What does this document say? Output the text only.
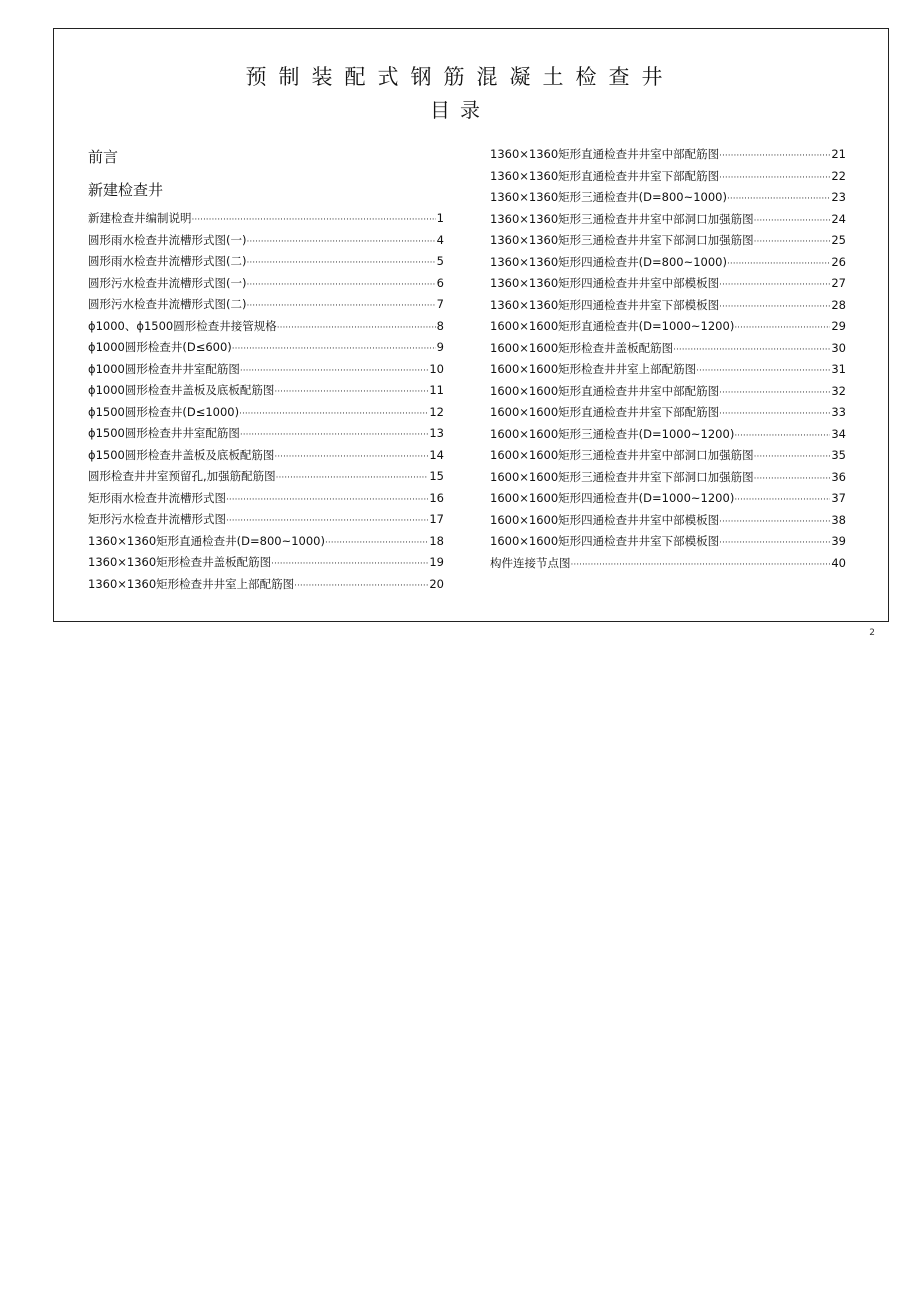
预制装配式钢筋混凝土检查井
目录
前言
新建检查井
新建检查井编制说明 ·····	1
圆形雨水检查井流槽形式图(一) ·····	4
圆形雨水检查井流槽形式图(二) ·····	5
圆形污水检查井流槽形式图(一) ·····	6
圆形污水检查井流槽形式图(二) ·····	7
ϕ1000、ϕ1500圆形检查井接管规格 ·····	8
ϕ1000圆形检查井(D≤600) ·····	9
ϕ1000圆形检查井井室配筋图 ·····	10
ϕ1000圆形检查井盖板及底板配筋图 ·····	11
ϕ1500圆形检查井(D≤1000) ·····	12
ϕ1500圆形检查井井室配筋图 ·····	13
ϕ1500圆形检查井盖板及底板配筋图 ·····	14
圆形检查井井室预留孔,加强筋配筋图 ·····	15
矩形雨水检查井流槽形式图 ·····	16
矩形污水检查井流槽形式图 ·····	17
1360×1360矩形直通检查井(D=800~1000) ·····	18
1360×1360矩形检查井盖板配筋图 ·····	19
1360×1360矩形检查井井室上部配筋图 ·····	20
1360×1360矩形直通检查井井室中部配筋图 ·····	21
1360×1360矩形直通检查井井室下部配筋图 ·····	22
1360×1360矩形三通检查井(D=800~1000) ·····	23
1360×1360矩形三通检查井井室中部洞口加强筋图 ·····	24
1360×1360矩形三通检查井井室下部洞口加强筋图 ·····	25
1360×1360矩形四通检查井(D=800~1000) ·····	26
1360×1360矩形四通检查井井室中部模板图 ·····	27
1360×1360矩形四通检查井井室下部模板图 ·····	28
1600×1600矩形直通检查井(D=1000~1200) ·····	29
1600×1600矩形检查井盖板配筋图 ·····	30
1600×1600矩形检查井井室上部配筋图 ·····	31
1600×1600矩形直通检查井井室中部配筋图 ·····	32
1600×1600矩形直通检查井井室下部配筋图 ·····	33
1600×1600矩形三通检查井(D=1000~1200) ·····	34
1600×1600矩形三通检查井井室中部洞口加强筋图 ·····	35
1600×1600矩形三通检查井井室下部洞口加强筋图 ·····	36
1600×1600矩形四通检查井(D=1000~1200) ·····	37
1600×1600矩形四通检查井井室中部模板图 ·····	38
1600×1600矩形四通检查井井室下部模板图 ·····	39
构件连接节点图 ·····	40
2
